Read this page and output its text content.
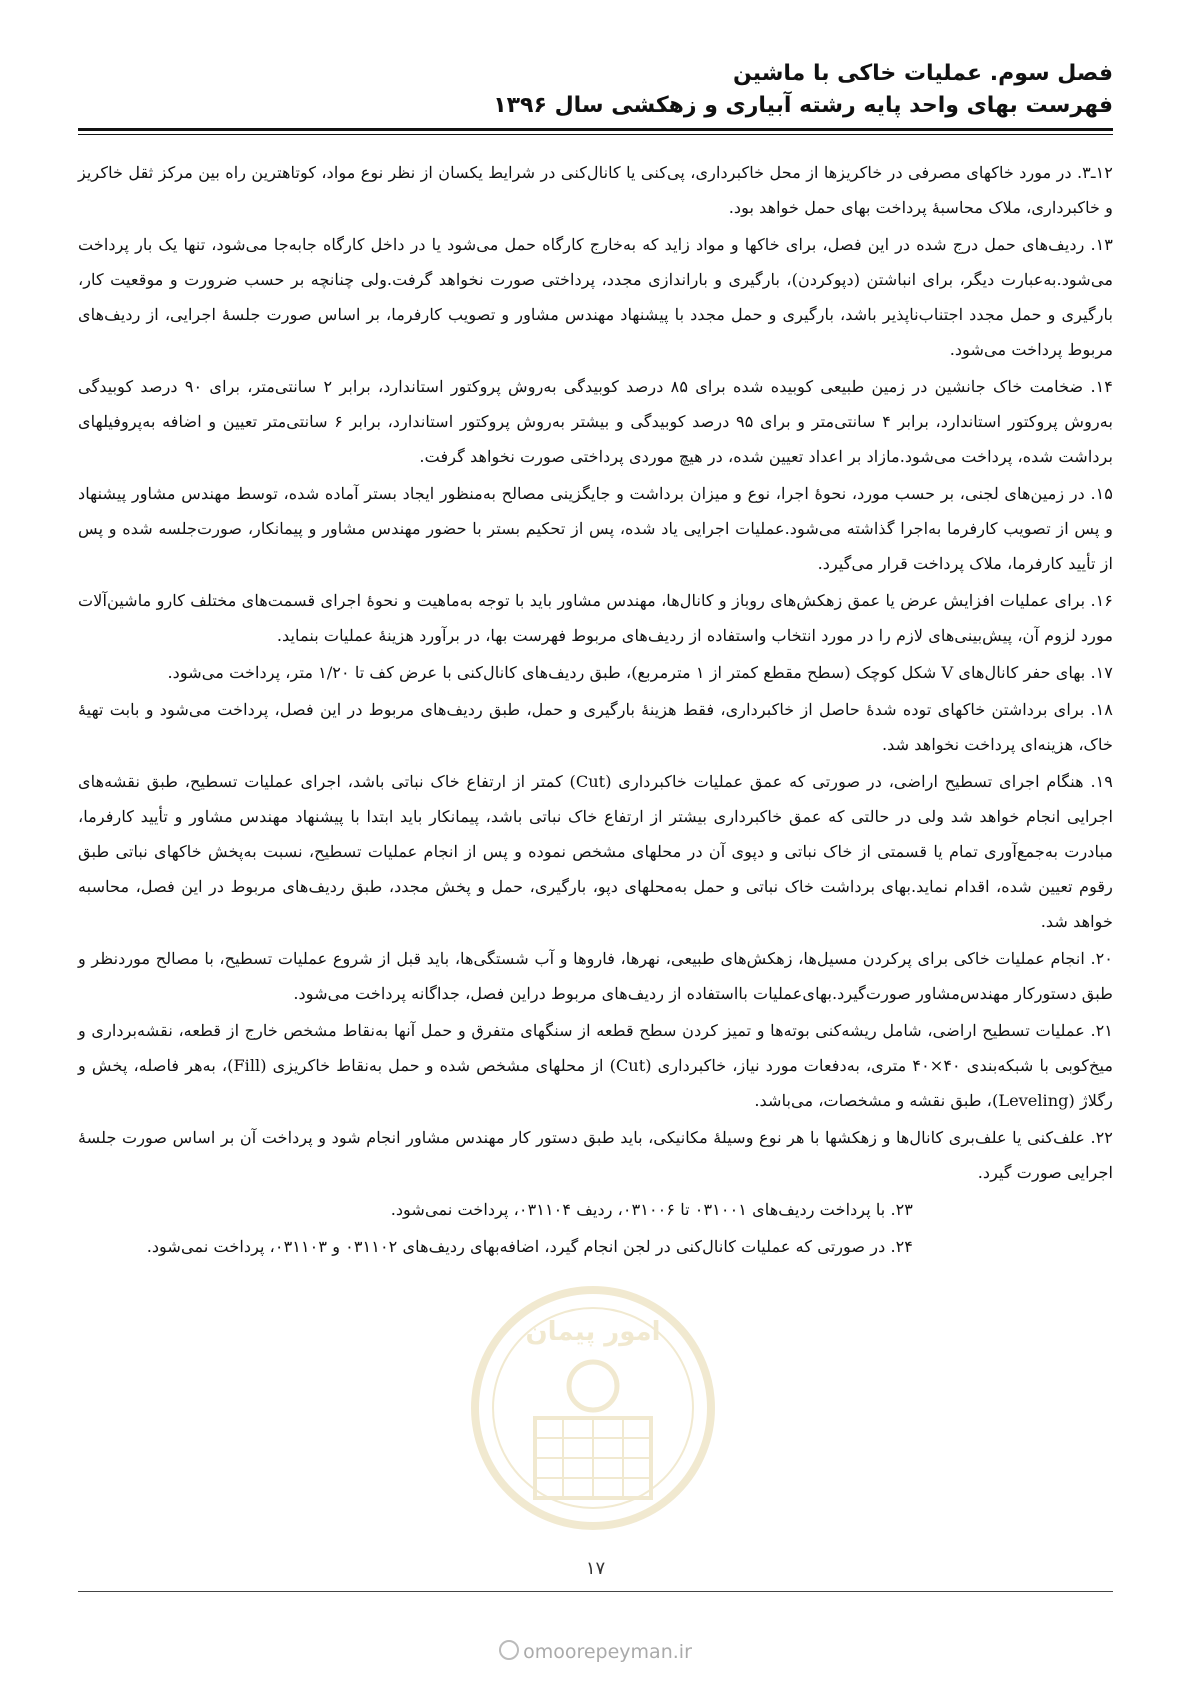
فصل سوم. عملیات خاکی با ماشین
فهرست بهای واحد پایه رشته آبیاری و زهکشی سال ۱۳۹۶

۱۲ـ۳. در مورد خاکهای مصرفی در خاکریزها از محل خاکبرداری، پی‌کنی یا کانال‌کنی در شرایط یکسان از نظر نوع مواد، کوتاهترین راه بین مرکز ثقل خاکریز و خاکبرداری، ملاک محاسبهٔ پرداخت بهای حمل خواهد بود.

۱۳. ردیف‌های حمل درج شده در این فصل، برای خاکها و مواد زاید که به‌خارج کارگاه حمل می‌شود یا در داخل کارگاه جابه‌جا می‌شود، تنها یک بار پرداخت می‌شود.به‌عبارت دیگر، برای انباشتن (دپوکردن)، بارگیری و باراندازی مجدد، پرداختی صورت نخواهد گرفت.ولی چنانچه بر حسب ضرورت و موقعیت کار، بارگیری و حمل مجدد اجتناب‌ناپذیر باشد، بارگیری و حمل مجدد با پیشنهاد مهندس مشاور و تصویب کارفرما، بر اساس صورت جلسهٔ اجرایی، از ردیف‌های مربوط پرداخت می‌شود.

۱۴. ضخامت خاک جانشین در زمین طبیعی کوبیده شده برای ۸۵ درصد کوبیدگی به‌روش پروکتور استاندارد، برابر ۲ سانتی‌متر، برای ۹۰ درصد کوبیدگی به‌روش پروکتور استاندارد، برابر ۴ سانتی‌متر و برای ۹۵ درصد کوبیدگی و بیشتر به‌روش پروکتور استاندارد، برابر ۶ سانتی‌متر تعیین و اضافه به‌پروفیلهای برداشت شده، پرداخت می‌شود.مازاد بر اعداد تعیین شده، در هیچ موردی پرداختی صورت نخواهد گرفت.

۱۵. در زمین‌های لجنی، بر حسب مورد، نحوهٔ اجرا، نوع و میزان برداشت و جایگزینی مصالح به‌منظور ایجاد بستر آماده شده، توسط مهندس مشاور پیشنهاد و پس از تصویب کارفرما به‌اجرا گذاشته می‌شود.عملیات اجرایی یاد شده، پس از تحکیم بستر با حضور مهندس مشاور و پیمانکار، صورت‌جلسه شده و پس از تأیید کارفرما، ملاک پرداخت قرار می‌گیرد.

۱۶. برای عملیات افزایش عرض یا عمق زهکش‌های روباز و کانال‌ها، مهندس مشاور باید با توجه به‌ماهیت و نحوهٔ اجرای قسمت‌های مختلف کارو ماشین‌آلات مورد لزوم آن، پیش‌بینی‌های لازم را در مورد انتخاب واستفاده از ردیف‌های مربوط فهرست بها، در برآورد هزینهٔ عملیات بنماید.

۱۷. بهای حفر کانال‌های V شکل کوچک (سطح مقطع کمتر از ۱ مترمربع)، طبق ردیف‌های کانال‌کنی با عرض کف تا ۱/۲۰ متر، پرداخت می‌شود.

۱۸. برای برداشتن خاکهای توده شدهٔ حاصل از خاکبرداری، فقط هزینهٔ بارگیری و حمل، طبق ردیف‌های مربوط در این فصل، پرداخت می‌شود و بابت تهیهٔ خاک، هزینه‌ای پرداخت نخواهد شد.

۱۹. هنگام اجرای تسطیح اراضی، در صورتی که عمق عملیات خاکبرداری (Cut) کمتر از ارتفاع خاک نباتی باشد، اجرای عملیات تسطیح، طبق نقشه‌های اجرایی انجام خواهد شد ولی در حالتی که عمق خاکبرداری بیشتر از ارتفاع خاک نباتی باشد، پیمانکار باید ابتدا با پیشنهاد مهندس مشاور و تأیید کارفرما، مبادرت به‌جمع‌آوری تمام یا قسمتی از خاک نباتی و دپوی آن در محلهای مشخص نموده و پس از انجام عملیات تسطیح، نسبت به‌پخش خاکهای نباتی طبق رقوم تعیین شده، اقدام نماید.بهای برداشت خاک نباتی و حمل به‌محلهای دپو، بارگیری، حمل و پخش مجدد، طبق ردیف‌های مربوط در این فصل، محاسبه خواهد شد.

۲۰. انجام عملیات خاکی برای پرکردن مسیل‌ها، زهکش‌های طبیعی، نهرها، فاروها و آب شستگی‌ها، باید قبل از شروع عملیات تسطیح، با مصالح موردنظر و طبق دستورکار مهندس‌مشاور صورت‌گیرد.بهای‌عملیات بااستفاده از ردیف‌های مربوط دراین فصل، جداگانه پرداخت می‌شود.

۲۱. عملیات تسطیح اراضی، شامل ریشه‌کنی بوته‌ها و تمیز کردن سطح قطعه از سنگهای متفرق و حمل آنها به‌نقاط مشخص خارج از قطعه، نقشه‌برداری و میخ‌کوبی با شبکه‌بندی ۴۰×۴۰ متری، به‌دفعات مورد نیاز، خاکبرداری (Cut) از محلهای مشخص شده و حمل به‌نقاط خاکریزی (Fill)، به‌هر فاصله، پخش و رگلاژ (Leveling)، طبق نقشه و مشخصات، می‌باشد.

۲۲. علف‌کنی یا علف‌بری کانال‌ها و زهکشها با هر نوع وسیلهٔ مکانیکی، باید طبق دستور کار مهندس مشاور انجام شود و پرداخت آن بر اساس صورت جلسهٔ اجرایی صورت گیرد.

۲۳. با پرداخت ردیف‌های ۰۳۱۰۰۱ تا ۰۳۱۰۰۶، ردیف ۰۳۱۱۰۴، پرداخت نمی‌شود.

۲۴. در صورتی که عملیات کانال‌کنی در لجن انجام گیرد، اضافه‌بهای ردیف‌های ۰۳۱۱۰۲ و ۰۳۱۱۰۳، پرداخت نمی‌شود.

امور پیمان
۱۷
omoorepeyman.ir
